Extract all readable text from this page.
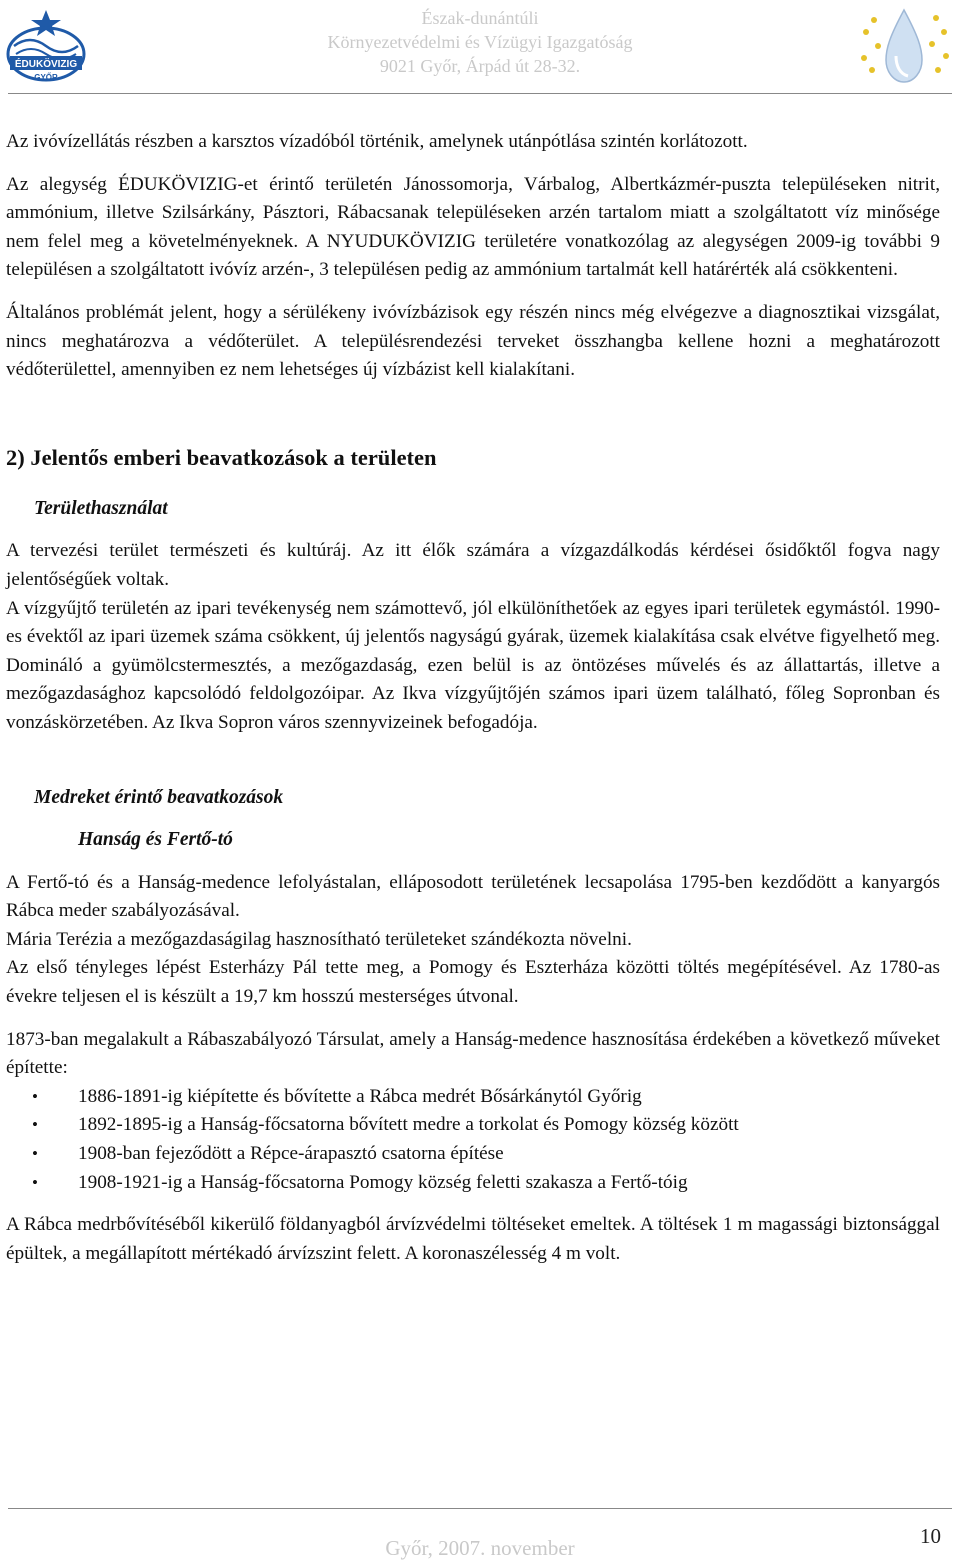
ÉDUKÖVIZIG
GYŐR
Észak-dunántúli
Környezetvédelmi és Vízügyi Igazgatóság
9021 Győr, Árpád út 28-32.

Az ivóvízellátás részben a karsztos vízadóból történik, amelynek utánpótlása szintén korlátozott.

Az alegység ÉDUKÖVIZIG-et érintő területén Jánossomorja, Várbalog, Albertkázmér-puszta településeken nitrit, ammónium, illetve Szilsárkány, Pásztori, Rábacsanak településeken arzén tartalom miatt a szolgáltatott víz minősége nem felel meg a követelményeknek. A NYUDUKÖVIZIG területére vonatkozólag az alegységen 2009-ig további 9 településen a szolgáltatott ivóvíz arzén-, 3 településen pedig az ammónium tartalmát kell határérték alá csökkenteni.

Általános problémát jelent, hogy a sérülékeny ivóvízbázisok egy részén nincs még elvégezve a diagnosztikai vizsgálat, nincs meghatározva a védőterület. A településrendezési terveket összhangba kellene hozni a meghatározott védőterülettel, amennyiben ez nem lehetséges új vízbázist kell kialakítani.

2) Jelentős emberi beavatkozások a területen
Területhasználat

A tervezési terület természeti és kultúráj. Az itt élők számára a vízgazdálkodás kérdései ősidőktől fogva nagy jelentőségűek voltak.

A vízgyűjtő területén az ipari tevékenység nem számottevő, jól elkülöníthetőek az egyes ipari területek egymástól. 1990-es évektől az ipari üzemek száma csökkent, új jelentős nagyságú gyárak, üzemek kialakítása csak elvétve figyelhető meg. Domináló a gyümölcstermesztés, a mezőgazdaság, ezen belül is az öntözéses művelés és az állattartás, illetve a mezőgazdasághoz kapcsolódó feldolgozóipar. Az Ikva vízgyűjtőjén számos ipari üzem található, főleg Sopronban és vonzáskörzetében. Az Ikva Sopron város szennyvizeinek befogadója.

Medreket érintő beavatkozások
Hanság és Fertő-tó

A Fertő-tó és a Hanság-medence lefolyástalan, elláposodott területének lecsapolása 1795-ben kezdődött a kanyargós Rábca meder szabályozásával.

Mária Terézia a mezőgazdaságilag hasznosítható területeket szándékozta növelni.

Az első tényleges lépést Esterházy Pál tette meg, a Pomogy és Eszterháza közötti töltés megépítésével. Az 1780-as évekre teljesen el is készült a 19,7 km hosszú mesterséges útvonal.

1873-ban megalakult a Rábaszabályozó Társulat, amely a Hanság-medence hasznosítása érdekében a következő műveket építette:

• 1886-1891-ig kiépítette és bővítette a Rábca medrét Bősárkánytól Győrig
• 1892-1895-ig a Hanság-főcsatorna bővített medre a torkolat és Pomogy község között
• 1908-ban fejeződött a Répce-árapasztó csatorna építése
• 1908-1921-ig a Hanság-főcsatorna Pomogy község feletti szakasza a Fertő-tóig

A Rábca medrbővítéséből kikerülő földanyagból árvízvédelmi töltéseket emeltek. A töltések 1 m magassági biztonsággal épültek, a megállapított mértékadó árvízszint felett. A koronaszélesség 4 m volt.

Győr, 2007. november	10
